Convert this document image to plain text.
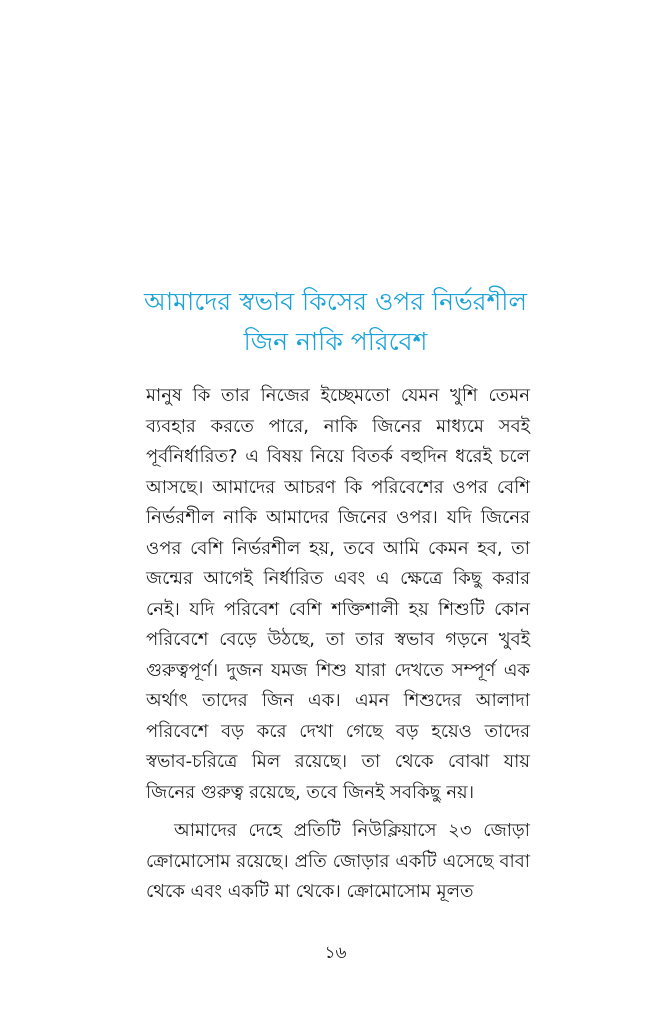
আমাদের স্বভাব কিসের ওপর নির্ভরশীল
জিন নাকি পরিবেশ

মানুষ কি তার নিজের ইচ্ছেমতো যেমন খুশি তেমন ব্যবহার করতে পারে, নাকি জিনের মাধ্যমে সবই পূর্বনির্ধারিত? এ বিষয় নিয়ে বিতর্ক বহুদিন ধরেই চলে আসছে। আমাদের আচরণ কি পরিবেশের ওপর বেশি নির্ভরশীল নাকি আমাদের জিনের ওপর। যদি জিনের ওপর বেশি নির্ভরশীল হয়, তবে আমি কেমন হব, তা জন্মের আগেই নির্ধারিত এবং এ ক্ষেত্রে কিছু করার নেই। যদি পরিবেশ বেশি শক্তিশালী হয় শিশুটি কোন পরিবেশে বেড়ে উঠছে, তা তার স্বভাব গড়নে খুবই গুরুত্বপূর্ণ। দুজন যমজ শিশু যারা দেখতে সম্পূর্ণ এক অর্থাৎ তাদের জিন এক। এমন শিশুদের আলাদা পরিবেশে বড় করে দেখা গেছে বড় হয়েও তাদের স্বভাব-চরিত্রে মিল রয়েছে। তা থেকে বোঝা যায় জিনের গুরুত্ব রয়েছে, তবে জিনই সবকিছু নয়।

আমাদের দেহে প্রতিটি নিউক্লিয়াসে ২৩ জোড়া ক্রোমোসোম রয়েছে। প্রতি জোড়ার একটি এসেছে বাবা থেকে এবং একটি মা থেকে। ক্রোমোসোম মূলত

১৬
